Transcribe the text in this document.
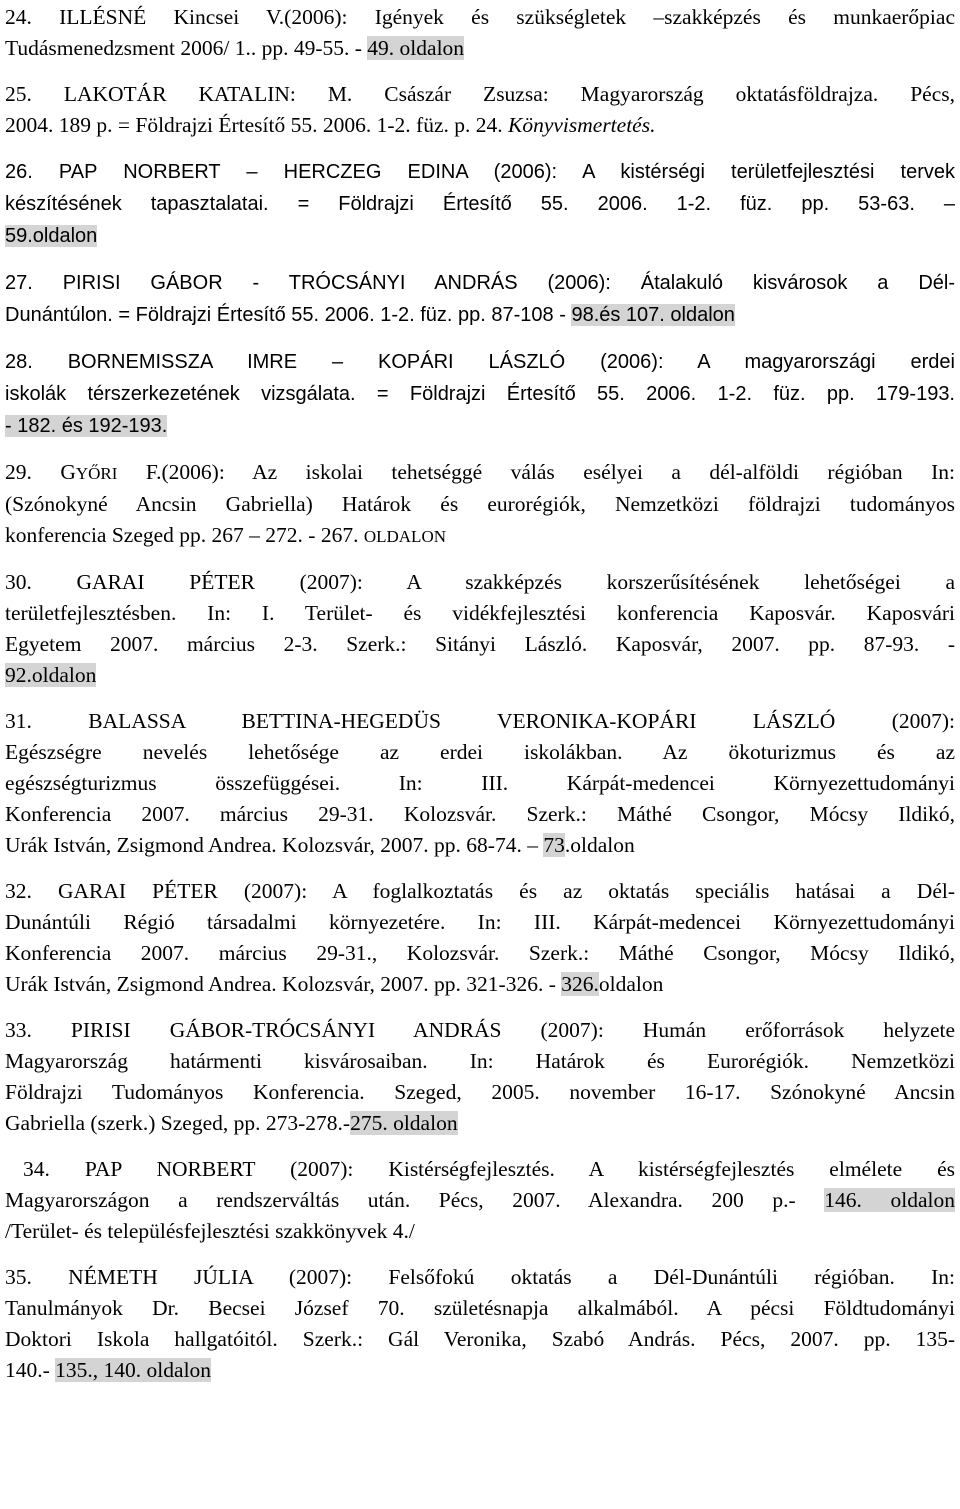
24. ILLÉSNÉ Kincsei V.(2006): Igények és szükségletek –szakképzés és munkaerőpiac
Tudásmenedzsment 2006/ 1.. pp. 49-55. - 49. oldalon
25. LAKOTÁR KATALIN: M. Császár Zsuzsa: Magyarország oktatásföldrajza. Pécs,
2004. 189 p. = Földrajzi Értesítő 55. 2006. 1-2. füz. p. 24. Könyvismertetés.
26. PAP NORBERT – HERCZEG EDINA (2006): A kistérségi területfejlesztési tervek
készítésének tapasztalatai. = Földrajzi Értesítő 55. 2006. 1-2. füz. pp. 53-63. –
59.oldalon
27. PIRISI GÁBOR - TRÓCSÁNYI ANDRÁS (2006): Átalakuló kisvárosok a Dél-
Dunántúlon. = Földrajzi Értesítő 55. 2006. 1-2. füz. pp. 87-108 - 98.és 107. oldalon
28. BORNEMISSZA IMRE – KOPÁRI LÁSZLÓ (2006): A magyarországi erdei
iskolák térszerkezetének vizsgálata. = Földrajzi Értesítő 55. 2006. 1-2. füz. pp. 179-193.
- 182. és 192-193.
29. GYŐRI F.(2006): Az iskolai tehetséggé válás esélyei a dél-alföldi régióban In:
(Szónokyné Ancsin Gabriella) Határok és eurorégiók, Nemzetközi földrajzi tudományos
konferencia Szeged pp. 267 – 272. - 267. OLDALON
30. GARAI PÉTER (2007): A szakképzés korszerűsítésének lehetőségei a
területfejlesztésben. In: I. Terület- és vidékfejlesztési konferencia Kaposvár. Kaposvári
Egyetem 2007. március 2-3. Szerk.: Sitányi László. Kaposvár, 2007. pp. 87-93. -
92.oldalon
31. BALASSA BETTINA-HEGEDÜS VERONIKA-KOPÁRI LÁSZLÓ (2007):
Egészségre nevelés lehetősége az erdei iskolákban. Az ökoturizmus és az
egészségturizmus összefüggései. In: III. Kárpát-medencei Környezettudományi
Konferencia 2007. március 29-31. Kolozsvár. Szerk.: Máthé Csongor, Mócsy Ildikó,
Urák István, Zsigmond Andrea. Kolozsvár, 2007. pp. 68-74. – 73.oldalon
32. GARAI PÉTER (2007): A foglalkoztatás és az oktatás speciális hatásai a Dél-
Dunántúli Régió társadalmi környezetére. In: III. Kárpát-medencei Környezettudományi
Konferencia 2007. március 29-31., Kolozsvár. Szerk.: Máthé Csongor, Mócsy Ildikó,
Urák István, Zsigmond Andrea. Kolozsvár, 2007. pp. 321-326. - 326.oldalon
33. PIRISI GÁBOR-TRÓCSÁNYI ANDRÁS (2007): Humán erőforrások helyzete
Magyarország határmenti kisvárosaiban. In: Határok és Eurorégiók. Nemzetközi
Földrajzi Tudományos Konferencia. Szeged, 2005. november 16-17. Szónokyné Ancsin
Gabriella (szerk.) Szeged, pp. 273-278.-275. oldalon
34. PAP NORBERT (2007): Kistérségfejlesztés. A kistérségfejlesztés elmélete és
Magyarországon a rendszerváltás után. Pécs, 2007. Alexandra. 200 p.- 146. oldalon
/Terület- és településfejlesztési szakkönyvek 4./
35. NÉMETH JÚLIA (2007): Felsőfokú oktatás a Dél-Dunántúli régióban. In:
Tanulmányok Dr. Becsei József 70. születésnapja alkalmából. A pécsi Földtudományi
Doktori Iskola hallgatóitól. Szerk.: Gál Veronika, Szabó András. Pécs, 2007. pp. 135-
140.- 135., 140. oldalon
